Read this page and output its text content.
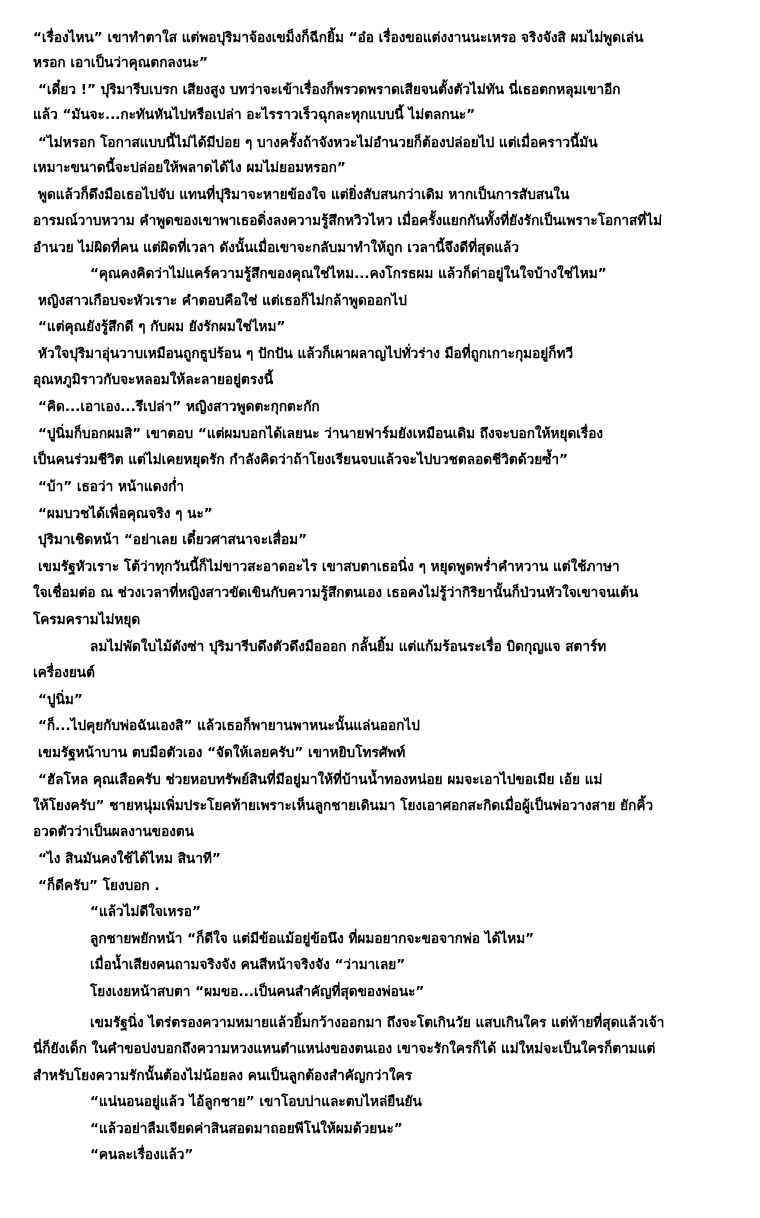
“เรื่องไหน” เขาทำตาใส แต่พอปุริมาจ้องเขม็งก็ฉีกยิ้ม “อ๋อ เรื่องขอแต่งงานนะเหรอ จริงจังสิ ผมไม่พูดเล่น
หรอก เอาเป็นว่าคุณตกลงนะ”
“เดี๋ยว !” ปุริมารีบเบรก เสียงสูง บทว่าจะเข้าเรื่องก็พรวดพราดเสียจนตั้งตัวไม่ทัน นี่เธอตกหลุมเขาอีก
แล้ว “มันจะ...กะทันหันไปหรือเปล่า อะไรราวเร็วฉุกละหุกแบบนี้ ไม่ตลกนะ”
“ไม่หรอก โอกาสแบบนี้ไม่ได้มีบ่อย ๆ บางครั้งถ้าจังหวะไม่อำนวยก็ต้องปล่อยไป แต่เมื่อคราวนี้มัน
เหมาะขนาดนี้จะปล่อยให้พลาดได้ไง ผมไม่ยอมหรอก”
พูดแล้วก็ดึงมือเธอไปจับ แทนที่ปุริมาจะหายข้องใจ แต่ยิ่งสับสนกว่าเดิม หากเป็นการสับสนใน
อารมณ์วาบหวาม คำพูดของเขาพาเธอดิ่งลงความรู้สึกหวิวไหว เมื่อครั้งแยกกันทั้งที่ยังรักเป็นเพราะโอกาสที่ไม่
อำนวย ไม่ผิดที่คน แต่ผิดที่เวลา ดังนั้นเมื่อเขาจะกลับมาทำให้ถูก เวลานี้จึงดีที่สุดแล้ว
“คุณคงคิดว่าไม่แคร์ความรู้สึกของคุณใช่ไหม...คงโกรธผม แล้วก็ด่าอยู่ในใจบ้างใช่ไหม”
หญิงสาวเกือบจะหัวเราะ คำตอบคือใช่ แต่เธอก็ไม่กล้าพูดออกไป
“แต่คุณยังรู้สึกดี ๆ กับผม ยังรักผมใช่ไหม”
หัวใจปุริมาอุ่นวาบเหมือนถูกธูปร้อน ๆ ปักปัน แล้วก็เผาผลาญไปทั่วร่าง มือที่ถูกเกาะกุมอยู่ก็ทวี
อุณหภูมิราวกับจะหลอมให้ละลายอยู่ตรงนี้
“คิด...เอาเอง...รึเปล่า” หญิงสาวพูดตะกุกตะกัก
“ปูนิ่มก็บอกผมสิ” เขาตอบ “แต่ผมบอกได้เลยนะ ว่านายฟาร์มยังเหมือนเดิม ถึงจะบอกให้หยุดเรื่อง
เป็นคนร่วมชีวิต แต่ไม่เคยหยุดรัก กำลังคิดว่าถ้าโยงเรียนจบแล้วจะไปบวชตลอดชีวิตด้วยซ้ำ”
“บ้า” เธอว่า หน้าแดงก่ำ
“ผมบวชได้เพื่อคุณจริง ๆ นะ”
ปุริมาเชิดหน้า “อย่าเลย เดี๋ยวศาสนาจะเสื่อม”
เขมรัฐหัวเราะ โต้ว่าทุกวันนี้ก็ไม่ขาวสะอาดอะไร เขาสบตาเธอนิ่ง ๆ หยุดพูดพร่ำคำหวาน แต่ใช้ภาษา
ใจเชื่อมต่อ ณ ช่วงเวลาที่หญิงสาวขัดเขินกับความรู้สึกตนเอง เธอคงไม่รู้ว่ากิริยานั้นก็ป่วนหัวใจเขาจนเต้น
โครมครามไม่หยุด
ลมไม่พัดใบไม้ดังซ่า ปุริมารีบดึงตัวดึงมือออก กลั้นยิ้ม แต่แก้มร้อนระเรื่อ บิดกุญแจ สตาร์ท
เครื่องยนต์
“ปูนิ่ม”
“ก็...ไปคุยกับพ่อฉันเองสิ” แล้วเธอก็พายานพาหนะนั้นแล่นออกไป
เขมรัฐหน้าบาน ตบมือตัวเอง “จัดให้เลยครับ” เขาหยิบโทรศัพท์
“ฮัลโหล คุณเสือครับ ช่วยหอบทรัพย์สินที่มีอยู่มาให้ที่บ้านน้ำทองหน่อย ผมจะเอาไปขอเมีย เอ้ย แม่
ให้โยงครับ” ชายหนุ่มเพิ่มประโยคท้ายเพราะเห็นลูกชายเดินมา โยงเอาศอกสะกิดเมื่อผู้เป็นพ่อวางสาย ยักคิ้ว
อวดตัวว่าเป็นผลงานของตน
“ไง สินมันคงใช้ได้ไหม สินาที”
“ก็ดีครับ” โยงบอก .
“แล้วไม่ดีใจเหรอ”
ลูกชายพยักหน้า “ก็ดีใจ แต่มีข้อแม้อยู่ข้อนึง ที่ผมอยากจะขอจากพ่อ ได้ไหม”
เมื่อน้ำเสียงคนถามจริงจัง คนสีหน้าจริงจัง “ว่ามาเลย”
โยงเงยหน้าสบตา “ผมขอ...เป็นคนสำคัญที่สุดของพ่อนะ”
เขมรัฐนิ่ง ไตร่ตรองความหมายแล้วยิ้มกว้างออกมา ถึงจะโตเกินวัย แสบเกินใคร แต่ท้ายที่สุดแล้วเจ้า
นี่ก็ยังเด็ก ในคำขอบ่งบอกถึงความหวงแหนตำแหน่งของตนเอง เขาจะรักใครก็ได้ แม่ใหม่จะเป็นใครก็ตามแต่
สำหรับโยงความรักนั้นต้องไม่น้อยลง คนเป็นลูกต้องสำคัญกว่าใคร
“แน่นอนอยู่แล้ว ไอ้ลูกชาย” เขาโอบบ่าและตบไหล่ยืนยัน
“แล้วอย่าลืมเจียดค่าสินสอดมาถอยพีโน่ให้ผมด้วยนะ”
“คนละเรื่องแล้ว”
